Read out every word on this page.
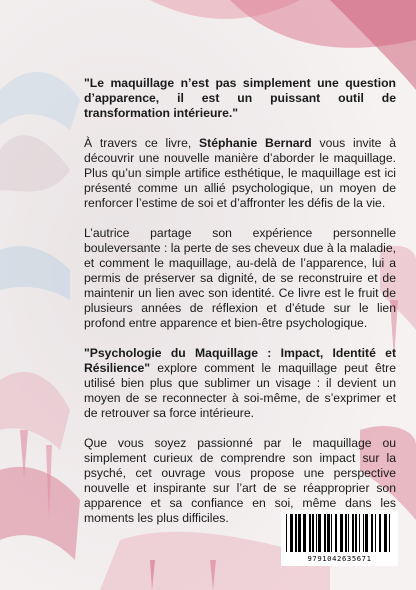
"Le maquillage n’est pas simplement une question d’apparence, il est un puissant outil de transformation intérieure."

À travers ce livre, Stéphanie Bernard vous invite à découvrir une nouvelle manière d’aborder le maquillage. Plus qu’un simple artifice esthétique, le maquillage est ici présenté comme un allié psychologique, un moyen de renforcer l’estime de soi et d’affronter les défis de la vie.

L’autrice partage son expérience personnelle bouleversante : la perte de ses cheveux due à la maladie, et comment le maquillage, au-delà de l’apparence, lui a permis de préserver sa dignité, de se reconstruire et de maintenir un lien avec son identité. Ce livre est le fruit de plusieurs années de réflexion et d’étude sur le lien profond entre apparence et bien-être psychologique.

"Psychologie du Maquillage : Impact, Identité et Résilience" explore comment le maquillage peut être utilisé bien plus que sublimer un visage : il devient un moyen de se reconnecter à soi-même, de s’exprimer et de retrouver sa force intérieure.

Que vous soyez passionné par le maquillage ou simplement curieux de comprendre son impact sur la psyché, cet ouvrage vous propose une perspective nouvelle et inspirante sur l’art de se réapproprier son apparence et sa confiance en soi, même dans les moments les plus difficiles.

9791042635671
